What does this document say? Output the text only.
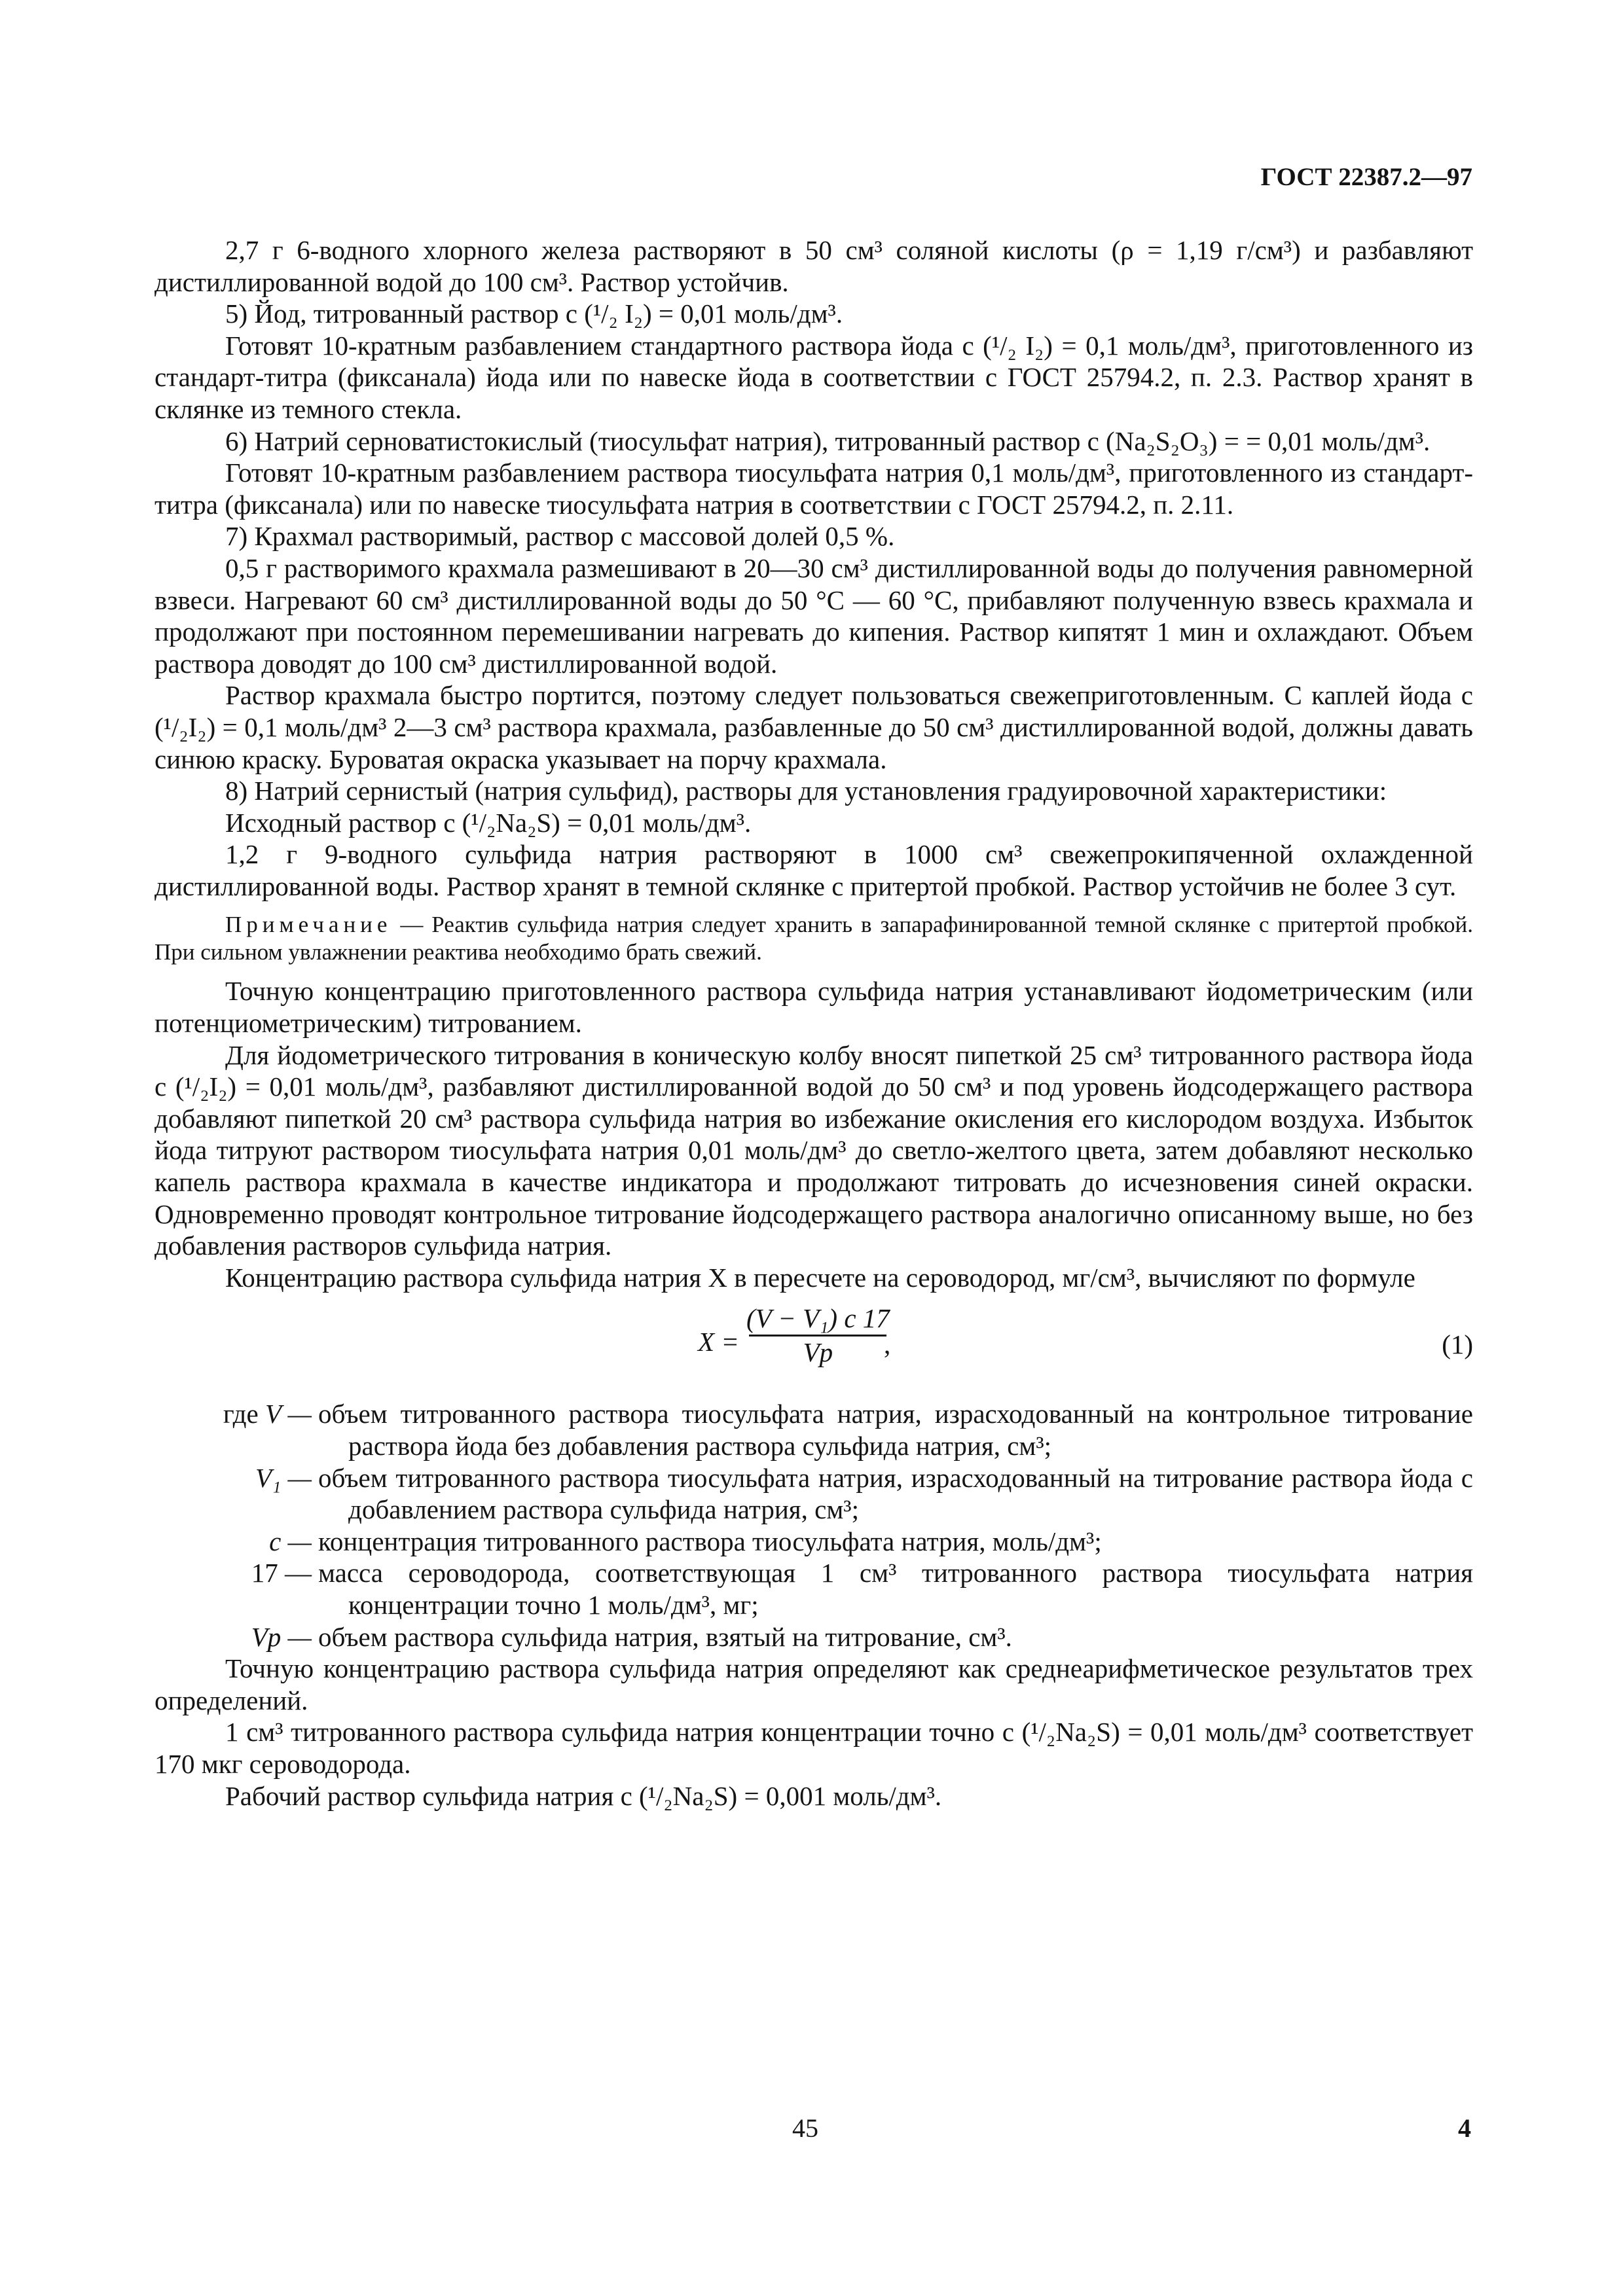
ГОСТ 22387.2—97

2,7 г 6-водного хлорного железа растворяют в 50 см³ соляной кислоты (ρ = 1,19 г/см³) и разбавляют дистиллированной водой до 100 см³. Раствор устойчив.

5) Йод, титрованный раствор c (¹/₂ I₂) = 0,01 моль/дм³.

Готовят 10-кратным разбавлением стандартного раствора йода c (¹/₂ I₂) = 0,1 моль/дм³, приготовленного из стандарт-титра (фиксанала) йода или по навеске йода в соответствии с ГОСТ 25794.2, п. 2.3. Раствор хранят в склянке из темного стекла.

6) Натрий серноватистокислый (тиосульфат натрия), титрованный раствор c (Na₂S₂O₃) = = 0,01 моль/дм³.

Готовят 10-кратным разбавлением раствора тиосульфата натрия 0,1 моль/дм³, приготовленного из стандарт-титра (фиксанала) или по навеске тиосульфата натрия в соответствии с ГОСТ 25794.2, п. 2.11.

7) Крахмал растворимый, раствор с массовой долей 0,5 %.

0,5 г растворимого крахмала размешивают в 20—30 см³ дистиллированной воды до получения равномерной взвеси. Нагревают 60 см³ дистиллированной воды до 50 °С — 60 °С, прибавляют полученную взвесь крахмала и продолжают при постоянном перемешивании нагревать до кипения. Раствор кипятят 1 мин и охлаждают. Объем раствора доводят до 100 см³ дистиллированной водой.

Раствор крахмала быстро портится, поэтому следует пользоваться свежеприготовленным. С каплей йода c (¹/₂I₂) = 0,1 моль/дм³ 2—3 см³ раствора крахмала, разбавленные до 50 см³ дистиллированной водой, должны давать синюю краску. Буроватая окраска указывает на порчу крахмала.

8) Натрий сернистый (натрия сульфид), растворы для установления градуировочной характеристики:

Исходный раствор c (¹/₂Na₂S) = 0,01 моль/дм³.

1,2 г 9-водного сульфида натрия растворяют в 1000 см³ свежепрокипяченной охлажденной дистиллированной воды. Раствор хранят в темной склянке с притертой пробкой. Раствор устойчив не более 3 сут.

Примечание — Реактив сульфида натрия следует хранить в запарафинированной темной склянке с притертой пробкой. При сильном увлажнении реактива необходимо брать свежий.

Точную концентрацию приготовленного раствора сульфида натрия устанавливают йодометрическим (или потенциометрическим) титрованием.

Для йодометрического титрования в коническую колбу вносят пипеткой 25 см³ титрованного раствора йода c (¹/₂I₂) = 0,01 моль/дм³, разбавляют дистиллированной водой до 50 см³ и под уровень йодсодержащего раствора добавляют пипеткой 20 см³ раствора сульфида натрия во избежание окисления его кислородом воздуха. Избыток йода титруют раствором тиосульфата натрия 0,01 моль/дм³ до светло-желтого цвета, затем добавляют несколько капель раствора крахмала в качестве индикатора и продолжают титровать до исчезновения синей окраски. Одновременно проводят контрольное титрование йодсодержащего раствора аналогично описанному выше, но без добавления растворов сульфида натрия.

Концентрацию раствора сульфида натрия X в пересчете на сероводород, мг/см³, вычисляют по формуле

X =
(V − V₁) c 17
Vр ,	(1)
где V — объем титрованного раствора тиосульфата натрия, израсходованный на контрольное титрование раствора йода без добавления раствора сульфида натрия, см³;
V₁ — объем титрованного раствора тиосульфата натрия, израсходованный на титрование раствора йода с добавлением раствора сульфида натрия, см³;
c — концентрация титрованного раствора тиосульфата натрия, моль/дм³;
17 — масса сероводорода, соответствующая 1 см³ титрованного раствора тиосульфата натрия концентрации точно 1 моль/дм³, мг;
Vр — объем раствора сульфида натрия, взятый на титрование, см³.

Точную концентрацию раствора сульфида натрия определяют как среднеарифметическое результатов трех определений.

1 см³ титрованного раствора сульфида натрия концентрации точно c (¹/₂Na₂S) = 0,01 моль/дм³ соответствует 170 мкг сероводорода.

Рабочий раствор сульфида натрия c (¹/₂Na₂S) = 0,001 моль/дм³.

45	4
